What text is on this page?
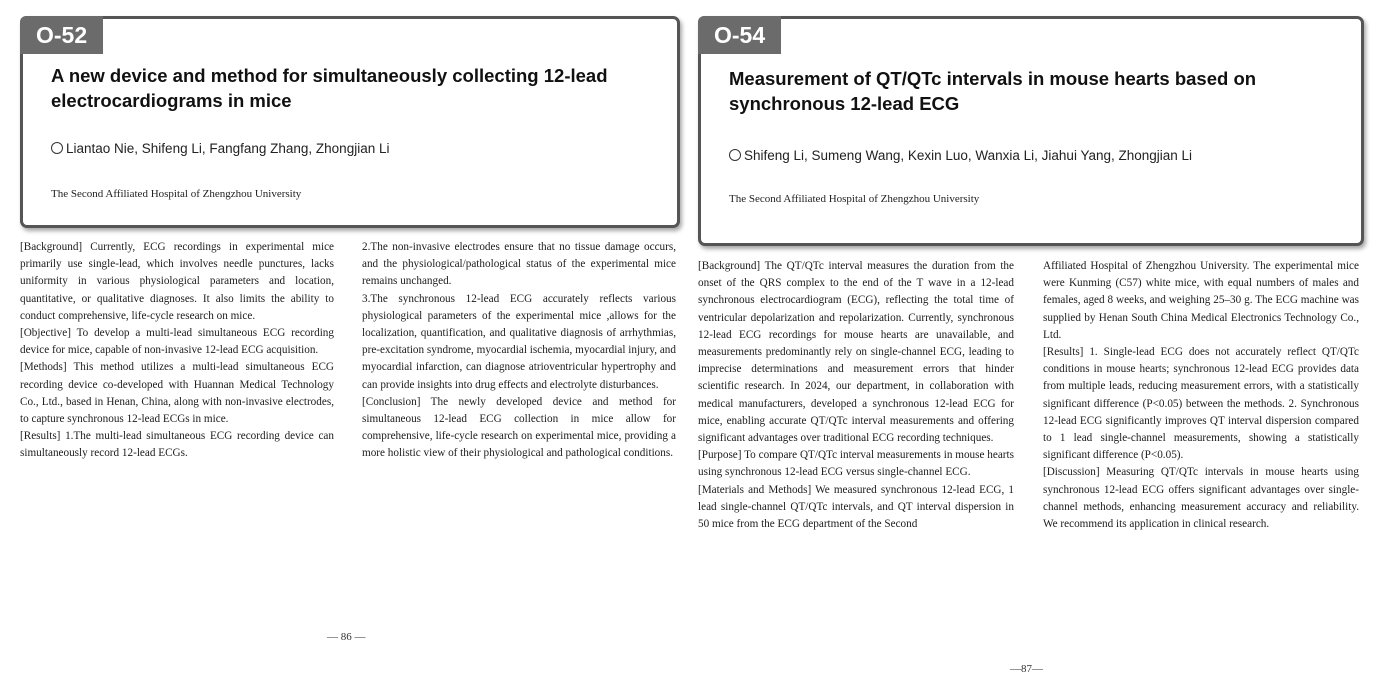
O-52
A new device and method for simultaneously collecting 12-lead
electrocardiograms in mice
Liantao Nie, Shifeng Li, Fangfang Zhang, Zhongjian Li
The Second Affiliated Hospital of Zhengzhou University

[Background] Currently, ECG recordings in experimental mice primarily use single-lead, which involves needle punctures, lacks uniformity in various physiological parameters and location, quantitative, or qualitative diagnoses. It also limits the ability to conduct comprehensive, life-cycle research on mice.

[Objective] To develop a multi-lead simultaneous ECG recording device for mice, capable of non-invasive 12-lead ECG acquisition.

[Methods] This method utilizes a multi-lead simultaneous ECG recording device co-developed with Huannan Medical Technology Co., Ltd., based in Henan, China, along with non-invasive electrodes, to capture synchronous 12-lead ECGs in mice.

[Results] 1.The multi-lead simultaneous ECG recording device can simultaneously record 12-lead ECGs.

2.The non-invasive electrodes ensure that no tissue damage occurs, and the physiological/pathological status of the experimental mice remains unchanged.

3.The synchronous 12-lead ECG accurately reflects various physiological parameters of the experimental mice ,allows for the localization, quantification, and qualitative diagnosis of arrhythmias, pre-excitation syndrome, myocardial ischemia, myocardial injury, and myocardial infarction, can diagnose atrioventricular hypertrophy and can provide insights into drug effects and electrolyte disturbances.

[Conclusion] The newly developed device and method for simultaneous 12-lead ECG collection in mice allow for comprehensive, life-cycle research on experimental mice, providing a more holistic view of their physiological and pathological conditions.

— 86 —
O-54
Measurement of QT/QTc intervals in mouse hearts based on
synchronous 12-lead ECG
Shifeng Li, Sumeng Wang, Kexin Luo, Wanxia Li, Jiahui Yang, Zhongjian Li
The Second Affiliated Hospital of Zhengzhou University

[Background] The QT/QTc interval measures the duration from the onset of the QRS complex to the end of the T wave in a 12-lead synchronous electrocardiogram (ECG), reflecting the total time of ventricular depolarization and repolarization. Currently, synchronous 12-lead ECG recordings for mouse hearts are unavailable, and measurements predominantly rely on single-channel ECG, leading to imprecise determinations and measurement errors that hinder scientific research. In 2024, our department, in collaboration with medical manufacturers, developed a synchronous 12-lead ECG for mice, enabling accurate QT/QTc interval measurements and offering significant advantages over traditional ECG recording techniques.

[Purpose] To compare QT/QTc interval measurements in mouse hearts using synchronous 12-lead ECG versus single-channel ECG.

[Materials and Methods] We measured synchronous 12-lead ECG, 1 lead single-channel QT/QTc intervals, and QT interval dispersion in 50 mice from the ECG department of the Second

Affiliated Hospital of Zhengzhou University. The experimental mice were Kunming (C57) white mice, with equal numbers of males and females, aged 8 weeks, and weighing 25–30 g. The ECG machine was supplied by Henan South China Medical Electronics Technology Co., Ltd.

[Results] 1. Single-lead ECG does not accurately reflect QT/QTc conditions in mouse hearts; synchronous 12-lead ECG provides data from multiple leads, reducing measurement errors, with a statistically significant difference (P<0.05) between the methods. 2. Synchronous 12-lead ECG significantly improves QT interval dispersion compared to 1 lead single-channel measurements, showing a statistically significant difference (P<0.05).

[Discussion] Measuring QT/QTc intervals in mouse hearts using synchronous 12-lead ECG offers significant advantages over single-channel methods, enhancing measurement accuracy and reliability. We recommend its application in clinical research.

—87—
